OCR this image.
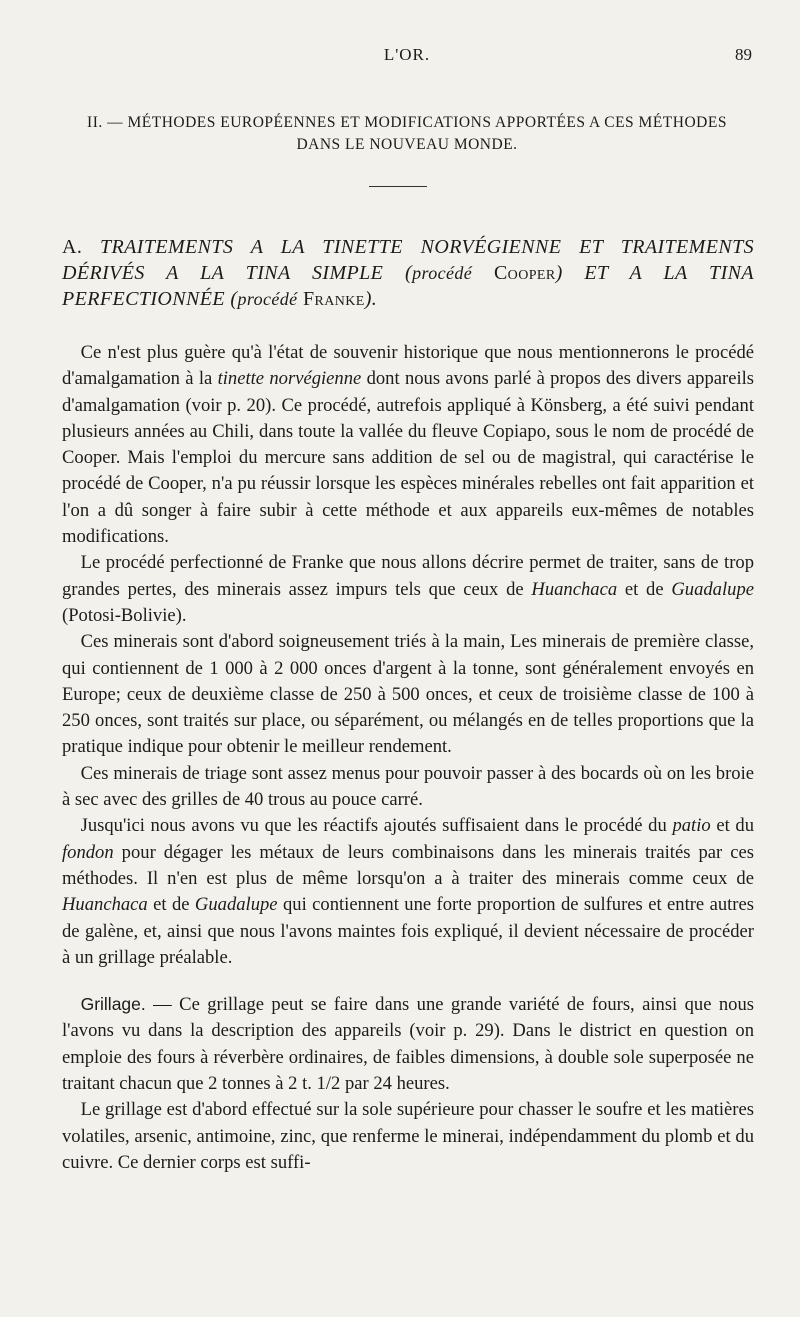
L'OR.	89
II. — MÉTHODES EUROPÉENNES ET MODIFICATIONS APPORTÉES A CES MÉTHODES
DANS LE NOUVEAU MONDE.
A. TRAITEMENTS A LA TINETTE NORVÉGIENNE ET TRAITEMENTS DÉRIVÉS A LA TINA SIMPLE (procédé Cooper) ET A LA TINA PERFECTIONNÉE (procédé Franke).

 Ce n'est plus guère qu'à l'état de souvenir historique que nous mentionnerons le procédé d'amalgamation à la tinette norvégienne dont nous avons parlé à propos des divers appareils d'amalgamation (voir p. 20). Ce procédé, autrefois appliqué à Könsberg, a été suivi pendant plusieurs années au Chili, dans toute la vallée du fleuve Copiapo, sous le nom de procédé de Cooper. Mais l'emploi du mercure sans addition de sel ou de magistral, qui caractérise le procédé de Cooper, n'a pu réussir lorsque les espèces minérales rebelles ont fait apparition et l'on a dû songer à faire subir à cette méthode et aux appareils eux-mêmes de notables modifications.

 Le procédé perfectionné de Franke que nous allons décrire permet de traiter, sans de trop grandes pertes, des minerais assez impurs tels que ceux de Huanchaca et de Guadalupe (Potosi-Bolivie).

 Ces minerais sont d'abord soigneusement triés à la main, Les minerais de première classe, qui contiennent de 1 000 à 2 000 onces d'argent à la tonne, sont généralement envoyés en Europe; ceux de deuxième classe de 250 à 500 onces, et ceux de troisième classe de 100 à 250 onces, sont traités sur place, ou séparément, ou mélangés en de telles proportions que la pratique indique pour obtenir le meilleur rendement.

 Ces minerais de triage sont assez menus pour pouvoir passer à des bocards où on les broie à sec avec des grilles de 40 trous au pouce carré.

 Jusqu'ici nous avons vu que les réactifs ajoutés suffisaient dans le procédé du patio et du fondon pour dégager les métaux de leurs combinaisons dans les minerais traités par ces méthodes. Il n'en est plus de même lorsqu'on a à traiter des minerais comme ceux de Huanchaca et de Guadalupe qui contiennent une forte proportion de sulfures et entre autres de galène, et, ainsi que nous l'avons maintes fois expliqué, il devient nécessaire de procéder à un grillage préalable.

 Grillage. — Ce grillage peut se faire dans une grande variété de fours, ainsi que nous l'avons vu dans la description des appareils (voir p. 29). Dans le district en question on emploie des fours à réverbère ordinaires, de faibles dimensions, à double sole superposée ne traitant chacun que 2 tonnes à 2 t. 1/2 par 24 heures.

 Le grillage est d'abord effectué sur la sole supérieure pour chasser le soufre et les matières volatiles, arsenic, antimoine, zinc, que renferme le minerai, indépendamment du plomb et du cuivre. Ce dernier corps est suffi-
